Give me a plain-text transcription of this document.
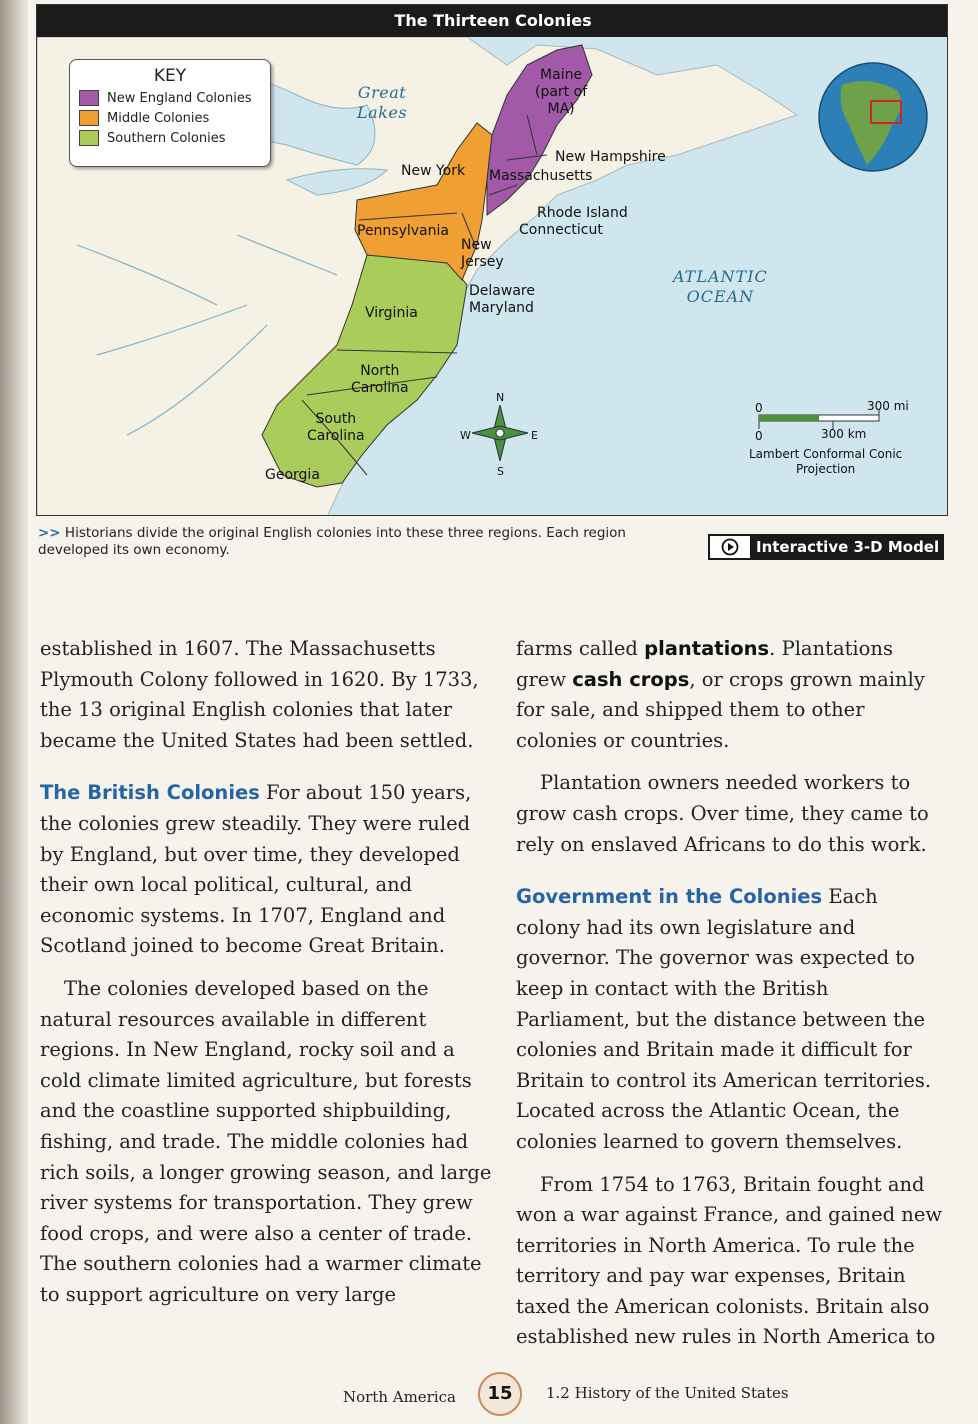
The Thirteen Colonies
KEY
New England Colonies
Middle Colonies
Southern Colonies
Great
Lakes
Maine
(part of
MA)
New Hampshire
Massachusetts
New York
Rhode Island
Connecticut
Pennsylvania
New
Jersey
Delaware
Maryland
Virginia
North
Carolina
South
Carolina
Georgia
ATLANTIC
OCEAN
N
S
E
W
0	300 mi
0	300 km
Lambert Conformal Conic
Projection
>> Historians divide the original English colonies into these three regions. Each region developed its own economy.	Interactive 3-D Model

established in 1607. The Massachusetts Plymouth Colony followed in 1620. By 1733, the 13 original English colonies that later became the United States had been settled.

The British Colonies For about 150 years, the colonies grew steadily. They were ruled by England, but over time, they developed their own local political, cultural, and economic systems. In 1707, England and Scotland joined to become Great Britain.

The colonies developed based on the natural resources available in different regions. In New England, rocky soil and a cold climate limited agriculture, but forests and the coastline supported shipbuilding, fishing, and trade. The middle colonies had rich soils, a longer growing season, and large river systems for transportation. They grew food crops, and were also a center of trade. The southern colonies had a warmer climate to support agriculture on very large

farms called plantations. Plantations grew cash crops, or crops grown mainly for sale, and shipped them to other colonies or countries.

Plantation owners needed workers to grow cash crops. Over time, they came to rely on enslaved Africans to do this work.

Government in the Colonies Each colony had its own legislature and governor. The governor was expected to keep in contact with the British Parliament, but the distance between the colonies and Britain made it difficult for Britain to control its American territories. Located across the Atlantic Ocean, the colonies learned to govern themselves.

From 1754 to 1763, Britain fought and won a war against France, and gained new territories in North America. To rule the territory and pay war expenses, Britain taxed the American colonists. Britain also established new rules in North America to

North America	15	1.2 History of the United States
